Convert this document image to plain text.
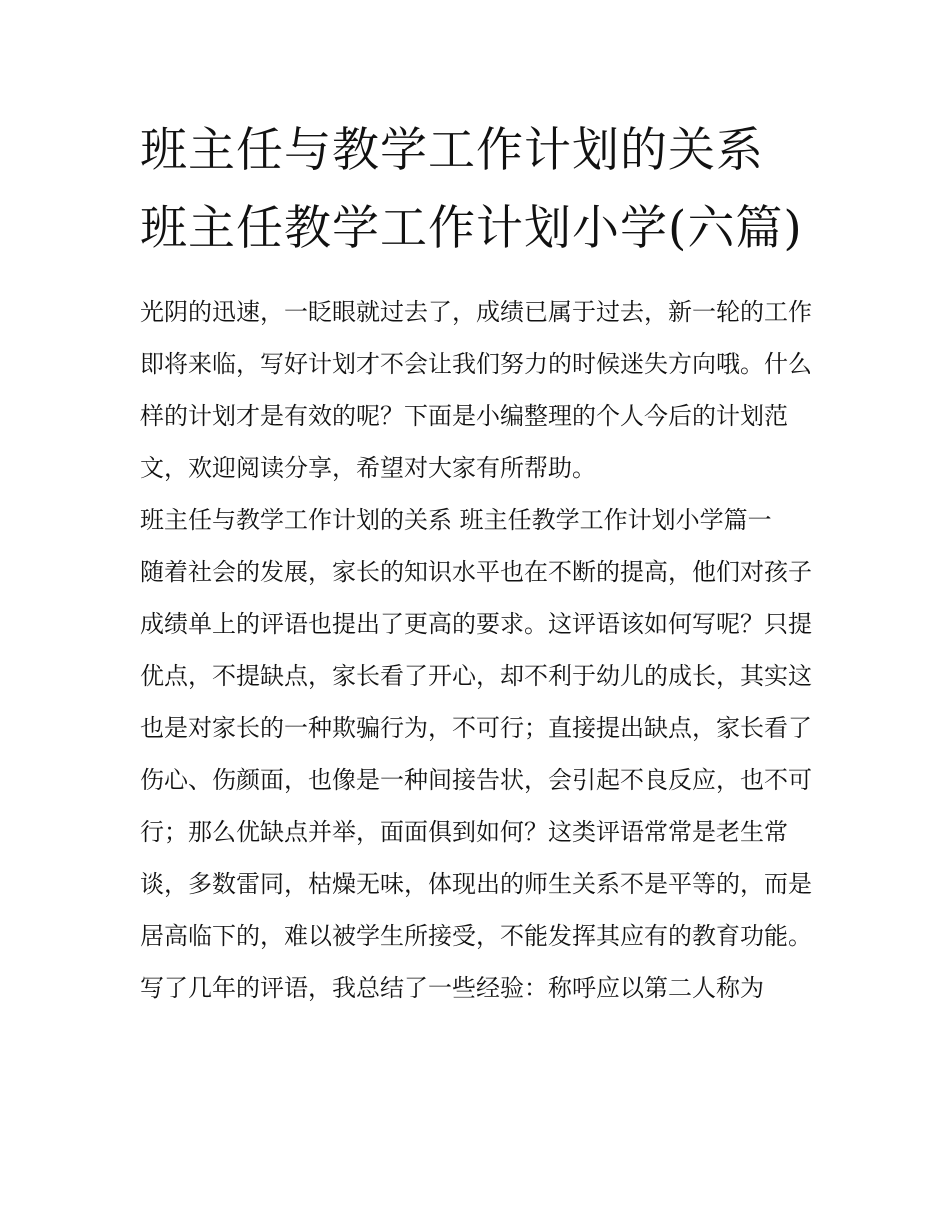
班主任与教学工作计划的关系 班主任教学工作计划小学(六篇)

光阴的迅速，一眨眼就过去了，成绩已属于过去，新一轮的工作即将来临，写好计划才不会让我们努力的时候迷失方向哦。什么样的计划才是有效的呢？下面是小编整理的个人今后的计划范文，欢迎阅读分享，希望对大家有所帮助。

班主任与教学工作计划的关系 班主任教学工作计划小学篇一

随着社会的发展，家长的知识水平也在不断的提高，他们对孩子成绩单上的评语也提出了更高的要求。这评语该如何写呢？只提优点，不提缺点，家长看了开心，却不利于幼儿的成长，其实这也是对家长的一种欺骗行为，不可行；直接提出缺点，家长看了伤心、伤颜面，也像是一种间接告状，会引起不良反应，也不可行；那么优缺点并举，面面俱到如何？这类评语常常是老生常谈，多数雷同，枯燥无味，体现出的师生关系不是平等的，而是居高临下的，难以被学生所接受，不能发挥其应有的教育功能。

写了几年的评语，我总结了一些经验：称呼应以第二人称为
